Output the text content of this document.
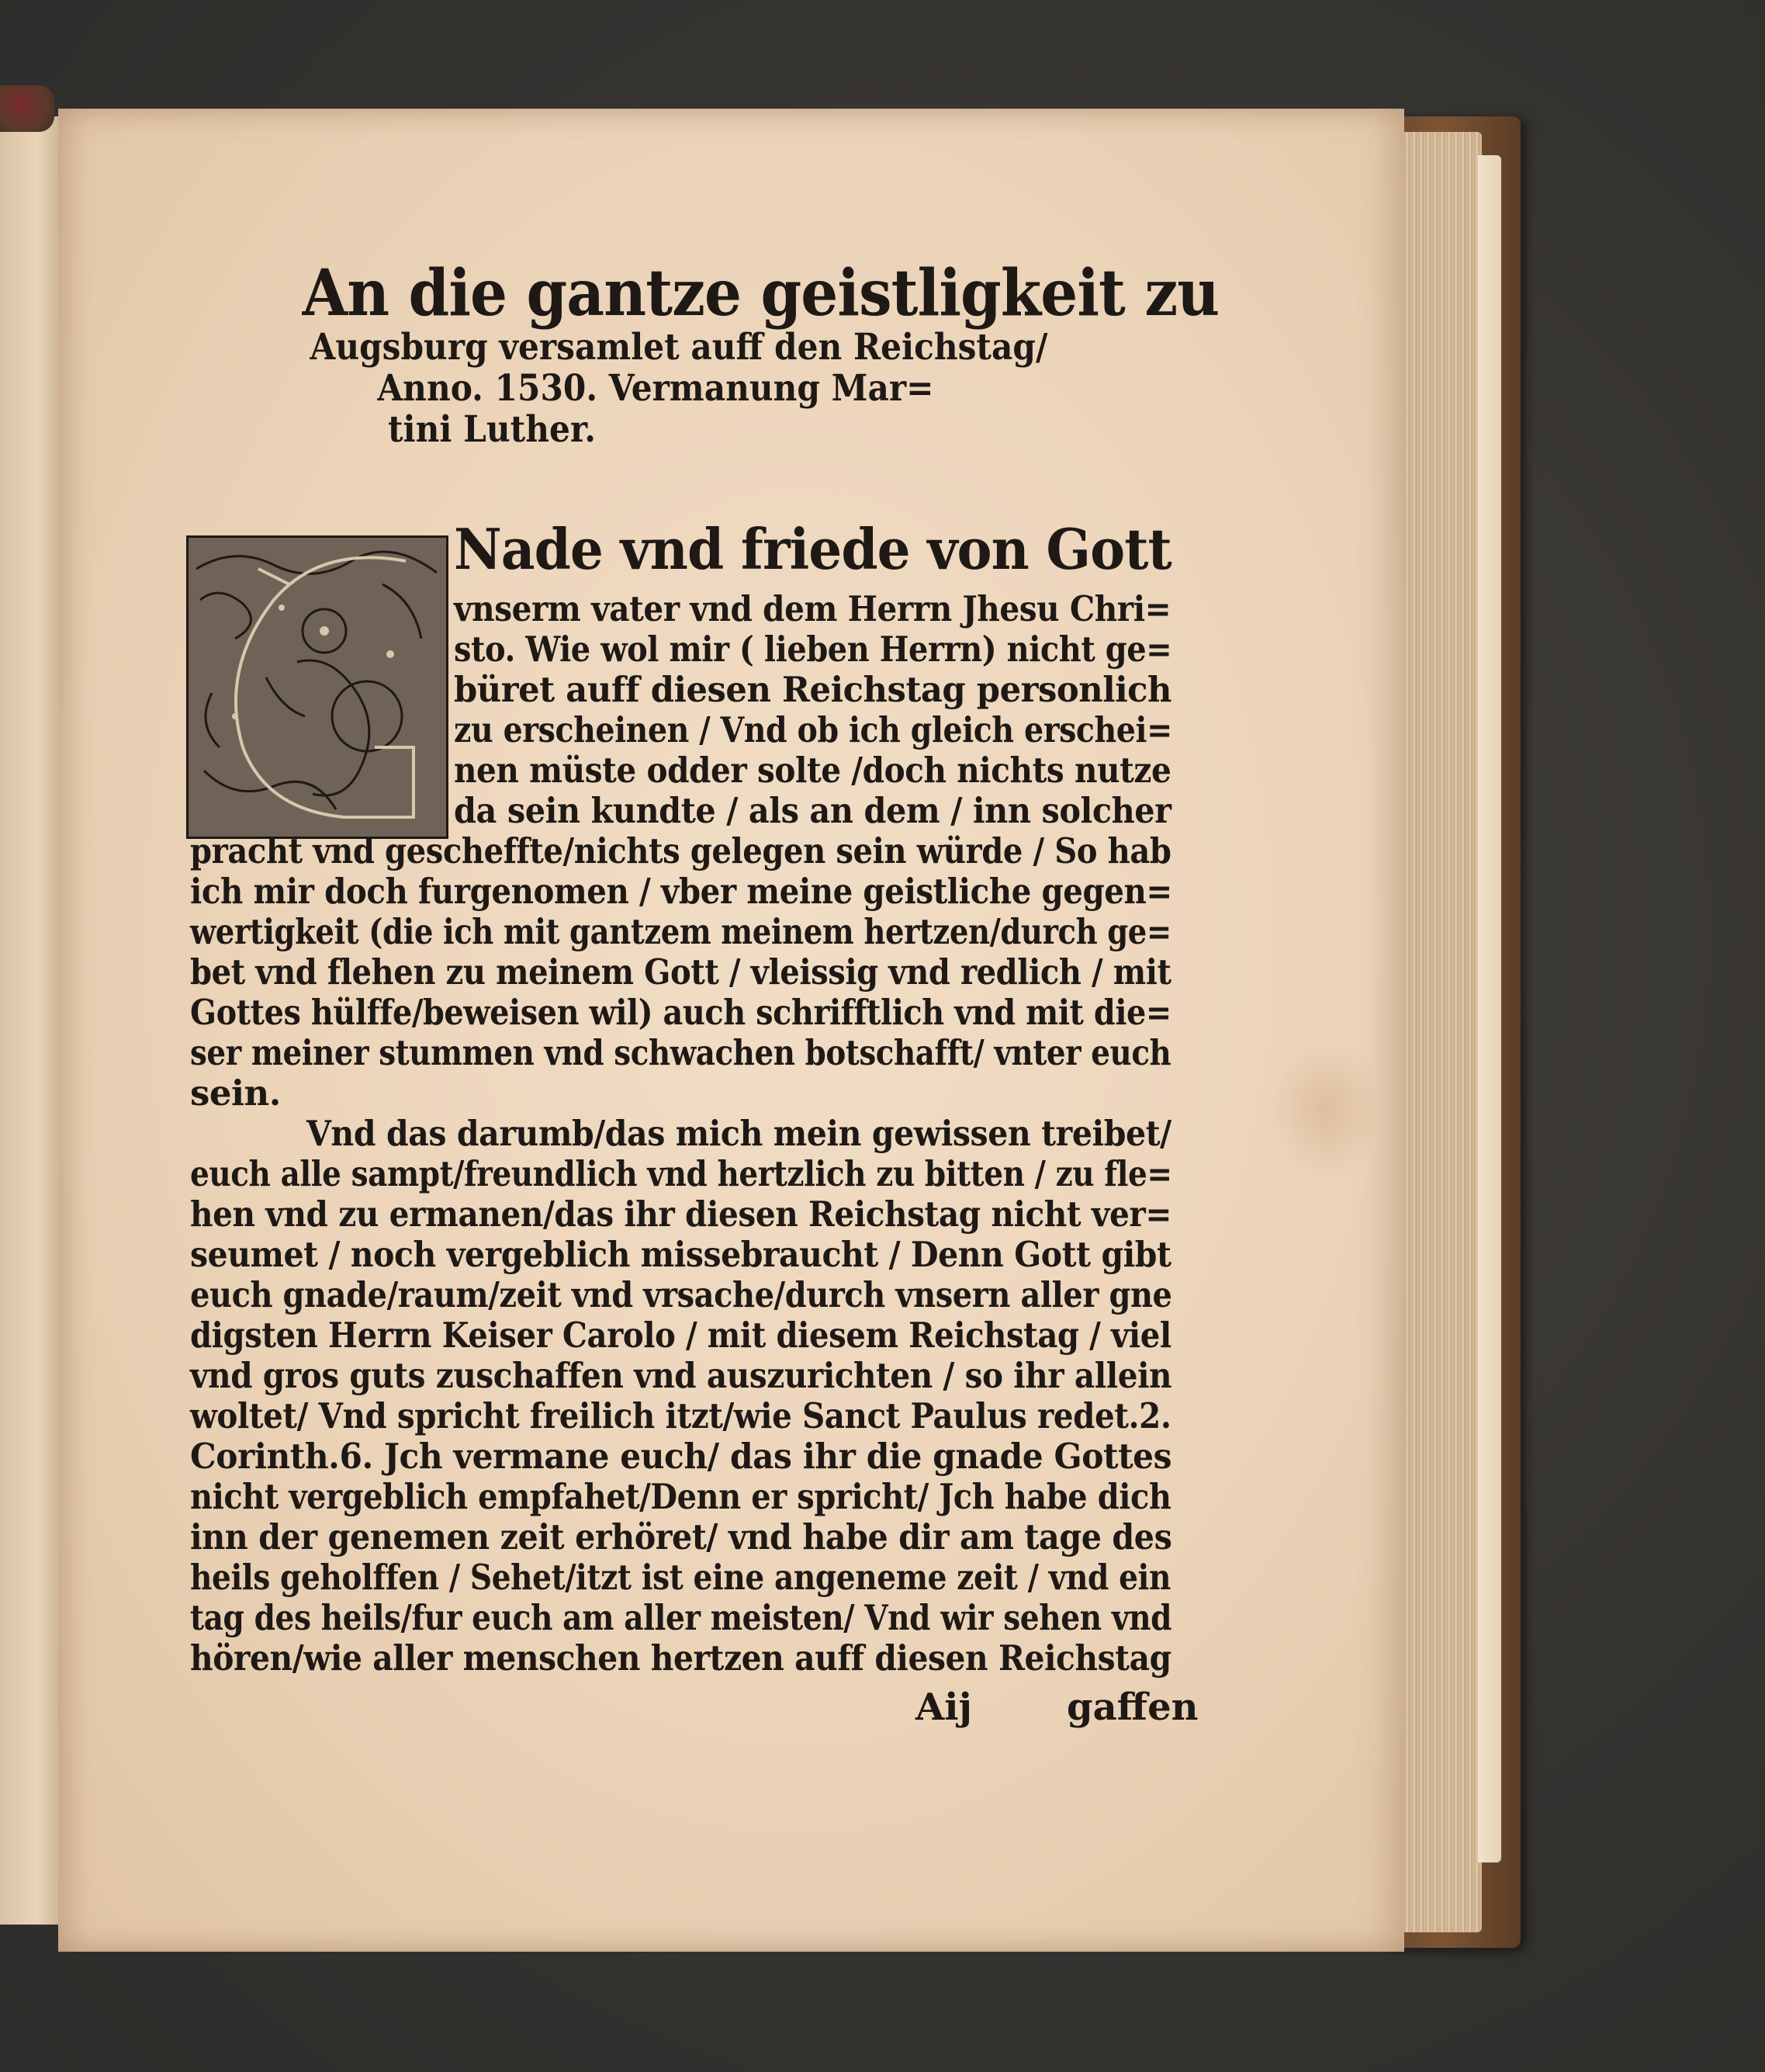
An die gantze geistligkeit zu
Augsburg versamlet auff den Reichstag/
Anno. 1530. Vermanung Mar=
tini Luther.
Nade vnd friede von Gott
vnserm vater vnd dem Herrn Jhesu Chri=
sto. Wie wol mir ( lieben Herrn) nicht ge=
büret auff diesen Reichstag personlich
zu erscheinen / Vnd ob ich gleich erschei=
nen müste odder solte /doch nichts nutze
da sein kundte / als an dem / inn solcher
pracht vnd gescheffte/nichts gelegen sein würde / So hab
ich mir doch furgenomen / vber meine geistliche gegen=
wertigkeit (die ich mit gantzem meinem hertzen/durch ge=
bet vnd flehen zu meinem Gott / vleissig vnd redlich / mit
Gottes hülffe/beweisen wil) auch schrifftlich vnd mit die=
ser meiner stummen vnd schwachen botschafft/ vnter euch
sein.
Vnd das darumb/das mich mein gewissen treibet/
euch alle sampt/freundlich vnd hertzlich zu bitten / zu fle=
hen vnd zu ermanen/das ihr diesen Reichstag nicht ver=
seumet / noch vergeblich missebraucht / Denn Gott gibt
euch gnade/raum/zeit vnd vrsache/durch vnsern aller gne
digsten Herrn Keiser Carolo / mit diesem Reichstag / viel
vnd gros guts zuschaffen vnd auszurichten / so ihr allein
woltet/ Vnd spricht freilich itzt/wie Sanct Paulus redet.2.
Corinth.6. Jch vermane euch/ das ihr die gnade Gottes
nicht vergeblich empfahet/Denn er spricht/ Jch habe dich
inn der genemen zeit erhöret/ vnd habe dir am tage des
heils geholffen / Sehet/itzt ist eine angeneme zeit / vnd ein
tag des heils/fur euch am aller meisten/ Vnd wir sehen vnd
hören/wie aller menschen hertzen auff diesen Reichstag
Aij	gaffen
